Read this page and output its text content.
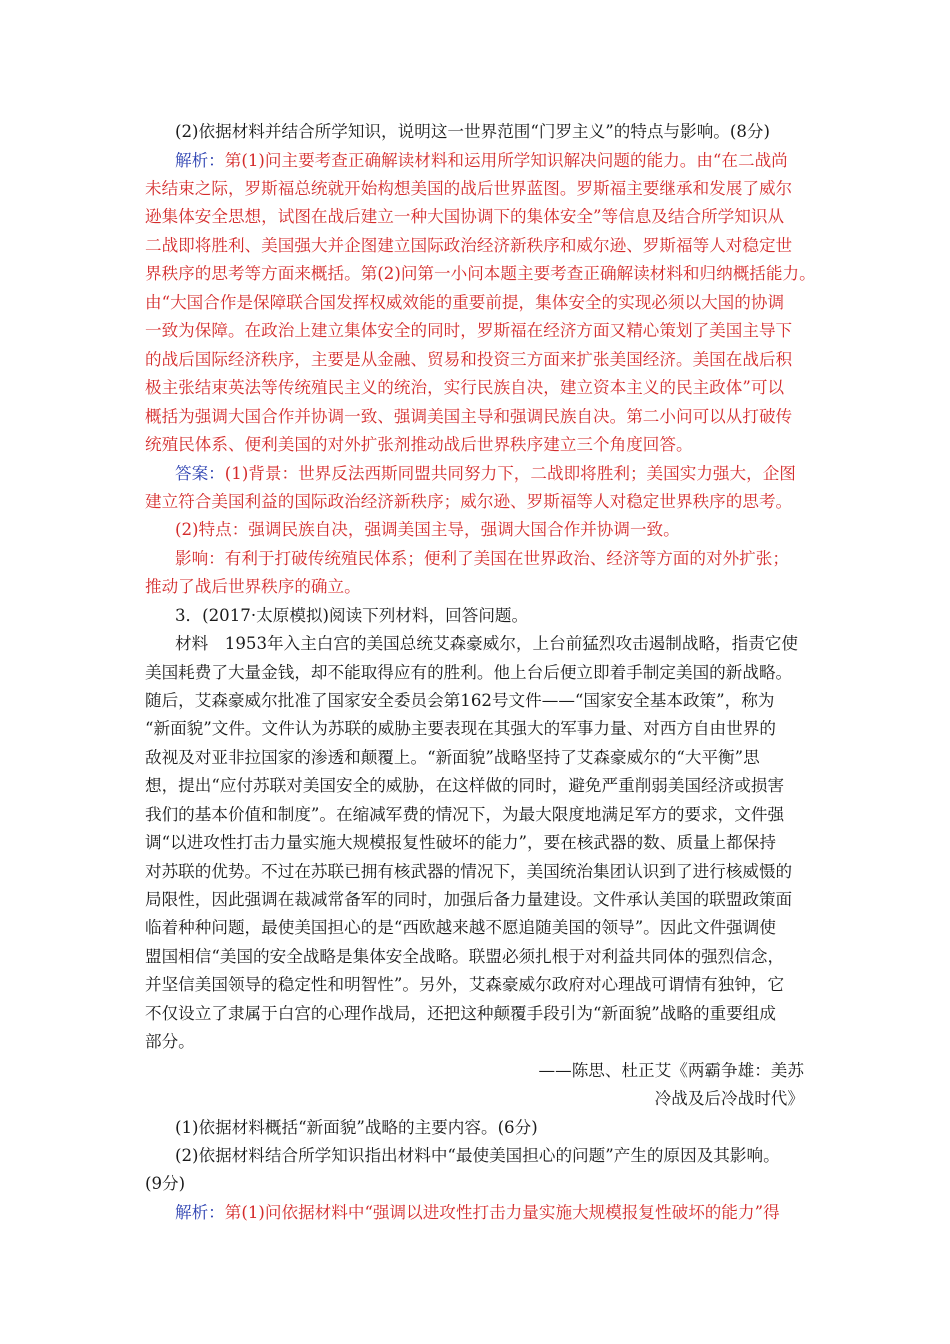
(2)依据材料并结合所学知识，说明这一世界范围“门罗主义”的特点与影响。(8分)
解析：第(1)问主要考查正确解读材料和运用所学知识解决问题的能力。由“在二战尚
未结束之际，罗斯福总统就开始构想美国的战后世界蓝图。罗斯福主要继承和发展了威尔
逊集体安全思想，试图在战后建立一种大国协调下的集体安全”等信息及结合所学知识从
二战即将胜利、美国强大并企图建立国际政治经济新秩序和威尔逊、罗斯福等人对稳定世
界秩序的思考等方面来概括。第(2)问第一小问本题主要考查正确解读材料和归纳概括能力。
由“大国合作是保障联合国发挥权威效能的重要前提，集体安全的实现必须以大国的协调
一致为保障。在政治上建立集体安全的同时，罗斯福在经济方面又精心策划了美国主导下
的战后国际经济秩序，主要是从金融、贸易和投资三方面来扩张美国经济。美国在战后积
极主张结束英法等传统殖民主义的统治，实行民族自决，建立资本主义的民主政体”可以
概括为强调大国合作并协调一致、强调美国主导和强调民族自决。第二小问可以从打破传
统殖民体系、便利美国的对外扩张剂推动战后世界秩序建立三个角度回答。
答案：(1)背景：世界反法西斯同盟共同努力下，二战即将胜利；美国实力强大，企图
建立符合美国利益的国际政治经济新秩序；威尔逊、罗斯福等人对稳定世界秩序的思考。
(2)特点：强调民族自决，强调美国主导，强调大国合作并协调一致。
影响：有利于打破传统殖民体系；便利了美国在世界政治、经济等方面的对外扩张；
推动了战后世界秩序的确立。
3．(2017·太原模拟)阅读下列材料，回答问题。
材料　1953年入主白宫的美国总统艾森豪威尔，上台前猛烈攻击遏制战略，指责它使
美国耗费了大量金钱，却不能取得应有的胜利。他上台后便立即着手制定美国的新战略。
随后，艾森豪威尔批准了国家安全委员会第162号文件——“国家安全基本政策”，称为
“新面貌”文件。文件认为苏联的威胁主要表现在其强大的军事力量、对西方自由世界的
敌视及对亚非拉国家的渗透和颠覆上。“新面貌”战略坚持了艾森豪威尔的“大平衡”思
想，提出“应付苏联对美国安全的威胁，在这样做的同时，避免严重削弱美国经济或损害
我们的基本价值和制度”。在缩减军费的情况下，为最大限度地满足军方的要求，文件强
调“以进攻性打击力量实施大规模报复性破坏的能力”，要在核武器的数、质量上都保持
对苏联的优势。不过在苏联已拥有核武器的情况下，美国统治集团认识到了进行核威慑的
局限性，因此强调在裁减常备军的同时，加强后备力量建设。文件承认美国的联盟政策面
临着种种问题，最使美国担心的是“西欧越来越不愿追随美国的领导”。因此文件强调使
盟国相信“美国的安全战略是集体安全战略。联盟必须扎根于对利益共同体的强烈信念，
并坚信美国领导的稳定性和明智性”。另外，艾森豪威尔政府对心理战可谓情有独钟，它
不仅设立了隶属于白宫的心理作战局，还把这种颠覆手段引为“新面貌”战略的重要组成
部分。
——陈思、杜正艾《两霸争雄：美苏
冷战及后冷战时代》
(1)依据材料概括“新面貌”战略的主要内容。(6分)
(2)依据材料结合所学知识指出材料中“最使美国担心的问题”产生的原因及其影响。
(9分)
解析：第(1)问依据材料中“强调以进攻性打击力量实施大规模报复性破坏的能力”得
